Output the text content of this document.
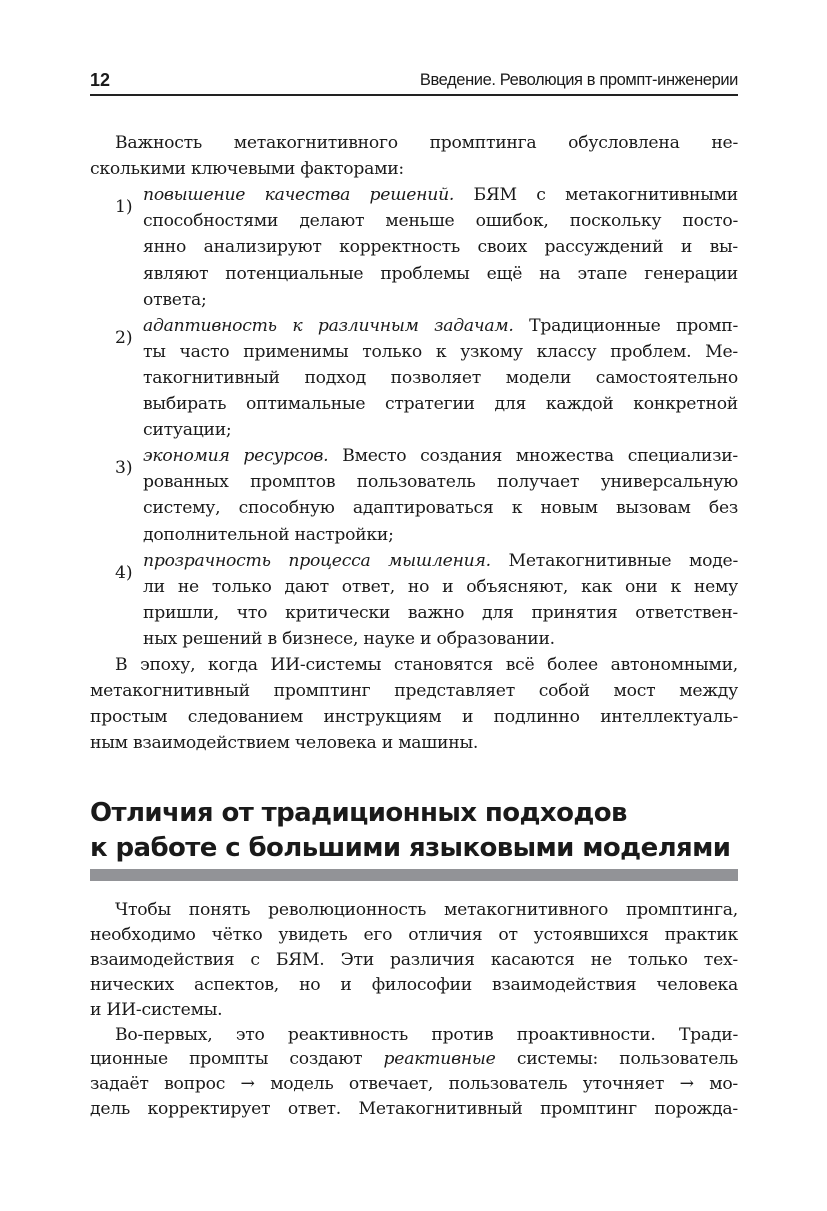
12	Введение. Революция в промпт-инженерии
Важность метакогнитивного промптинга обусловлена не-
сколькими ключевыми факторами:
1)
повышение качества решений. БЯМ с метакогнитивными
способностями делают меньше ошибок, поскольку посто-
янно анализируют корректность своих рассуждений и вы-
являют потенциальные проблемы ещё на этапе генерации
ответа;
2)
адаптивность к различным задачам. Традиционные промп-
ты часто применимы только к узкому классу проблем. Ме-
такогнитивный подход позволяет модели самостоятельно
выбирать оптимальные стратегии для каждой конкретной
ситуации;
3)
экономия ресурсов. Вместо создания множества специализи-
рованных промптов пользователь получает универсальную
систему, способную адаптироваться к новым вызовам без
дополнительной настройки;
4)
прозрачность процесса мышления. Метакогнитивные моде-
ли не только дают ответ, но и объясняют, как они к нему
пришли, что критически важно для принятия ответствен-
ных решений в бизнесе, науке и образовании.
В эпоху, когда ИИ-системы становятся всё более автономными,
метакогнитивный промптинг представляет собой мост между
простым следованием инструкциям и подлинно интеллектуаль-
ным взаимодействием человека и машины.
Отличия от традиционных подходов
к работе с большими языковыми моделями
Чтобы понять революционность метакогнитивного промптинга,
необходимо чётко увидеть его отличия от устоявшихся практик
взаимодействия с БЯМ. Эти различия касаются не только тех-
нических аспектов, но и философии взаимодействия человека
и ИИ-системы.
Во-первых, это реактивность против проактивности. Тради-
ционные промпты создают реактивные системы: пользователь
задаёт вопрос → модель отвечает, пользователь уточняет → мо-
дель корректирует ответ. Метакогнитивный промптинг порожда-
